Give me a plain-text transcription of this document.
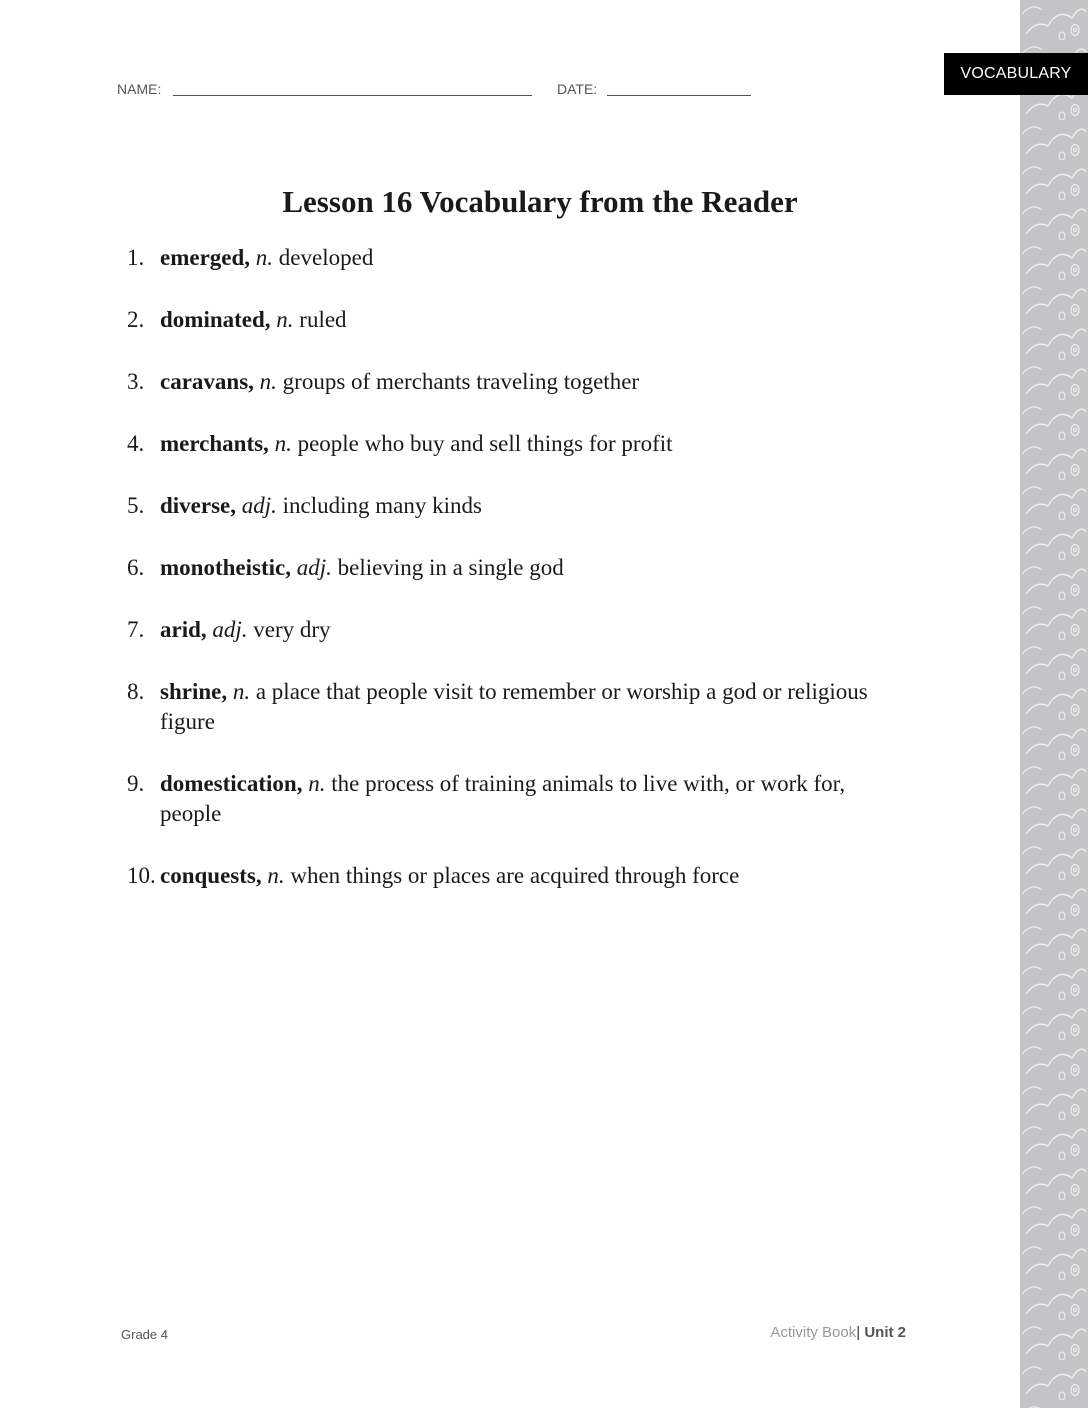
VOCABULARY
NAME:	DATE:
Lesson 16 Vocabulary from the Reader
1. emerged, n. developed
2. dominated, n. ruled
3. caravans, n. groups of merchants traveling together
4. merchants, n. people who buy and sell things for profit
5. diverse, adj. including many kinds
6. monotheistic, adj. believing in a single god
7. arid, adj. very dry
8. shrine, n. a place that people visit to remember or worship a god or religious figure
9. domestication, n. the process of training animals to live with, or work for, people
10. conquests, n. when things or places are acquired through force
Grade 4	Activity Book| Unit 2
